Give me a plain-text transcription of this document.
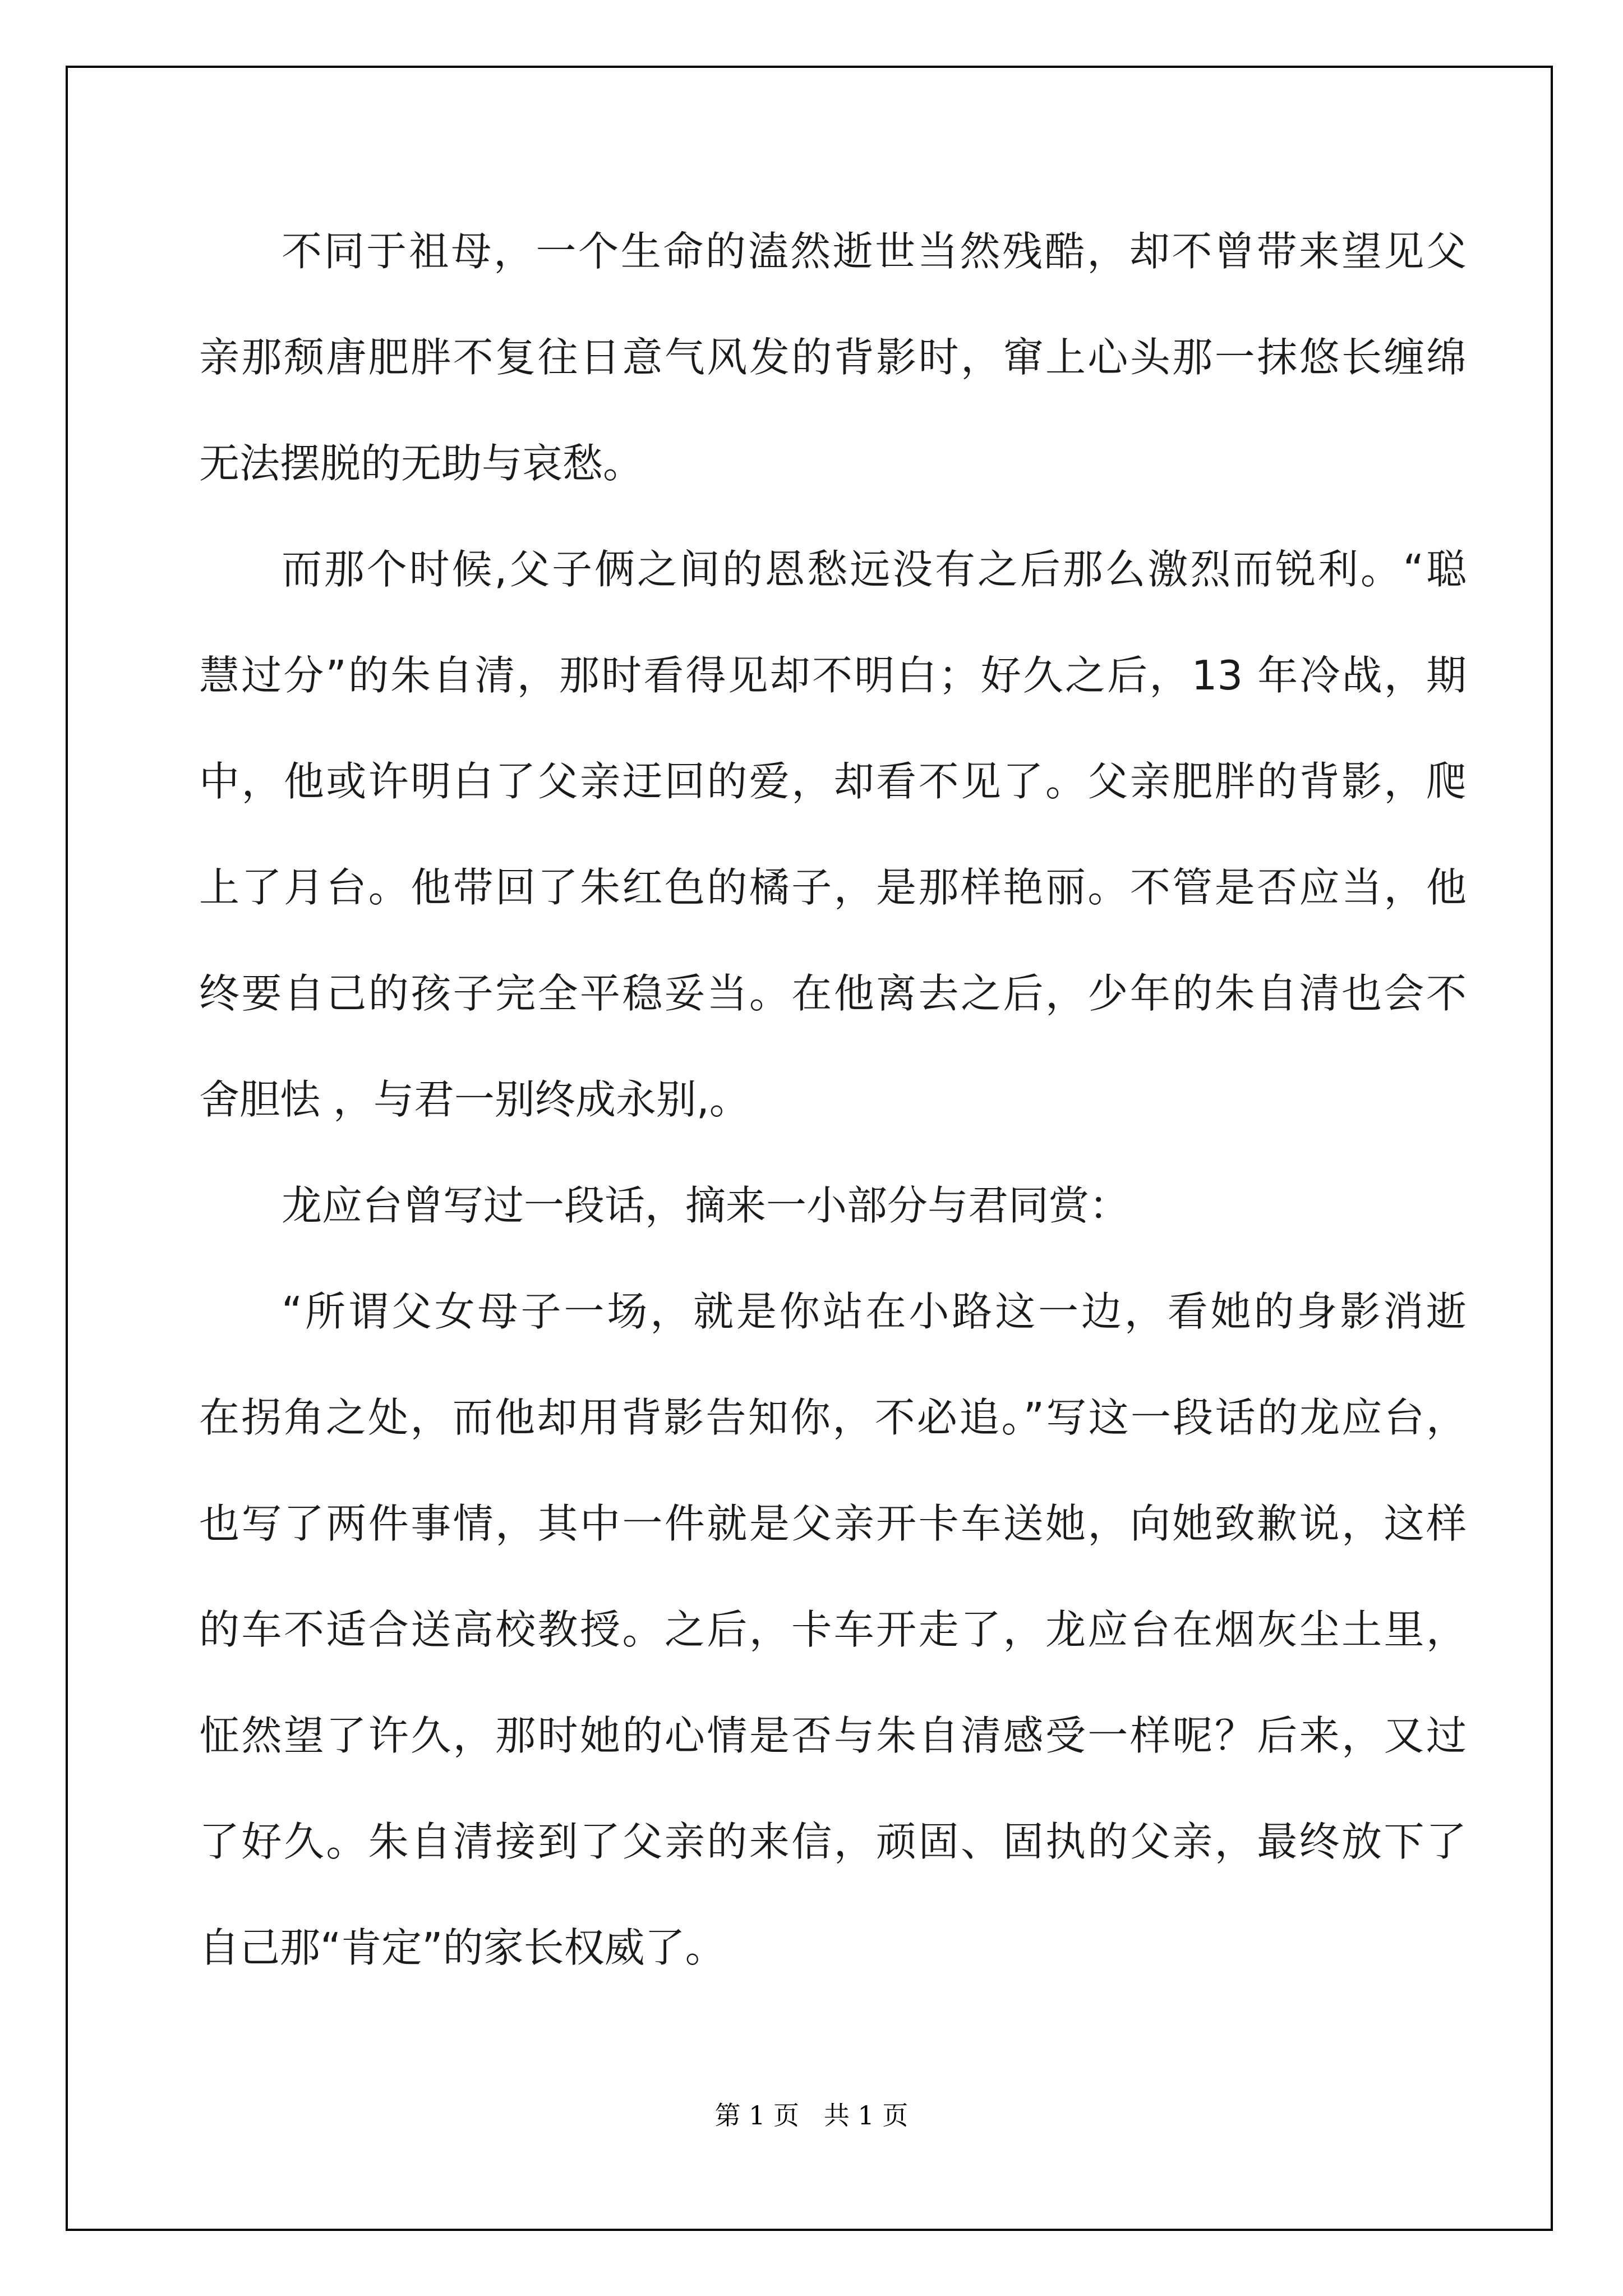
不同于祖母，一个生命的溘然逝世当然残酷，却不曾带来望见父
亲那颓唐肥胖不复往日意气风发的背影时，窜上心头那一抹悠长缠绵
无法摆脱的无助与哀愁。
而那个时候,父子俩之间的恩愁远没有之后那么激烈而锐利。“聪
慧过分”的朱自清，那时看得见却不明白；好久之后，13 年冷战，期
中，他或许明白了父亲迂回的爱，却看不见了。父亲肥胖的背影，爬
上了月台。他带回了朱红色的橘子，是那样艳丽。不管是否应当，他
终要自己的孩子完全平稳妥当。在他离去之后，少年的朱自清也会不
舍胆怯 ，与君一别终成永别,。
龙应台曾写过一段话，摘来一小部分与君同赏：
“所谓父女母子一场，就是你站在小路这一边，看她的身影消逝
在拐角之处，而他却用背影告知你，不必追。”写这一段话的龙应台，
也写了两件事情，其中一件就是父亲开卡车送她，向她致歉说，这样
的车不适合送高校教授。之后，卡车开走了，龙应台在烟灰尘土里，
怔然望了许久，那时她的心情是否与朱自清感受一样呢？后来，又过
了好久。朱自清接到了父亲的来信，顽固、固执的父亲，最终放下了
自己那“肯定”的家长权威了。
第 1 页   共 1 页
